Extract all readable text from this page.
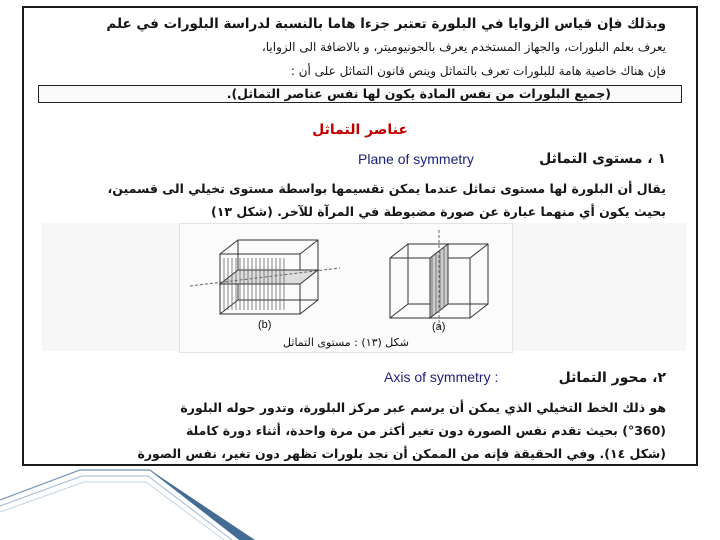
وبذلك فإن قياس الزوايا في البلورة تعتبر جزءا هاما بالنسبة لدراسة البلورات في علم
يعرف بعلم البلورات، والجهاز المستخدم يعرف بالجونيوميتر، و بالاضافة الى الزوايا،
فإن هناك خاصية هامة للبلورات تعرف بالتماثل وينص قانون التماثل على أن :
(جميع البلورات من نفس المادة يكون لها نفس عناصر التماثل).
عناصر التماثل
١ ، مستوى التماثل
Plane of symmetry
يقال أن البلورة لها مستوى تماثل عندما يمكن تقسيمها بواسطة مستوى تخيلي الى قسمين،
بحيث يكون أي منهما عبارة عن صورة مضبوطة في المرآة للآخر. (شكل ١٣)
(b)	(a)
شكل (١٣) : مستوى التماثل
٢، محور التماثل
Axis of symmetry :
هو ذلك الخط التخيلي الذي يمكن أن يرسم عبر مركز البلورة، وتدور حوله البلورة
(°360) بحيث تقدم نفس الصورة دون تغير أكثر من مرة واحدة، أثناء دورة كاملة
(شكل ١٤). وفي الحقيقة فإنه من الممكن أن نجد بلورات تظهر دون تغير، نفس الصورة
